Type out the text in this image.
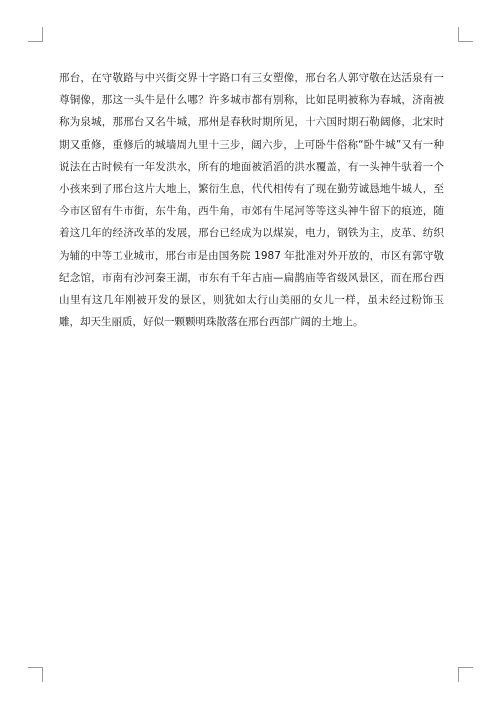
邢台，在守敬路与中兴街交界十字路口有三女塑像，邢台名人郭守敬在达活泉有一尊铜像，那这一头牛是什么哪？许多城市都有别称，比如昆明被称为春城，济南被称为泉城，那邢台又名牛城，邢州是春秋时期所见，十六国时期石勒阔修，北宋时期又重修，重修后的城墙周九里十三步，阔六步，上可卧牛俗称“卧牛城”又有一种说法在古时候有一年发洪水，所有的地面被滔滔的洪水覆盖，有一头神牛驮着一个小孩来到了邢台这片大地上，繁衍生息，代代相传有了现在勤劳诚恳地牛城人，至今市区留有牛市街，东牛角，西牛角，市郊有牛尾河等等这头神牛留下的痕迹，随着这几年的经济改革的发展，邢台已经成为以煤炭，电力，钢铁为主，皮革、纺织为辅的中等工业城市，邢台市是由国务院 1987 年批准对外开放的，市区有郭守敬纪念馆，市南有沙河秦王湖，市东有千年古庙—扁鹊庙等省级风景区，而在邢台西山里有这几年刚被开发的景区，则犹如太行山美丽的女儿一样，虽未经过粉饰玉雕，却天生丽质，好似一颗颗明珠散落在邢台西部广阔的土地上。
